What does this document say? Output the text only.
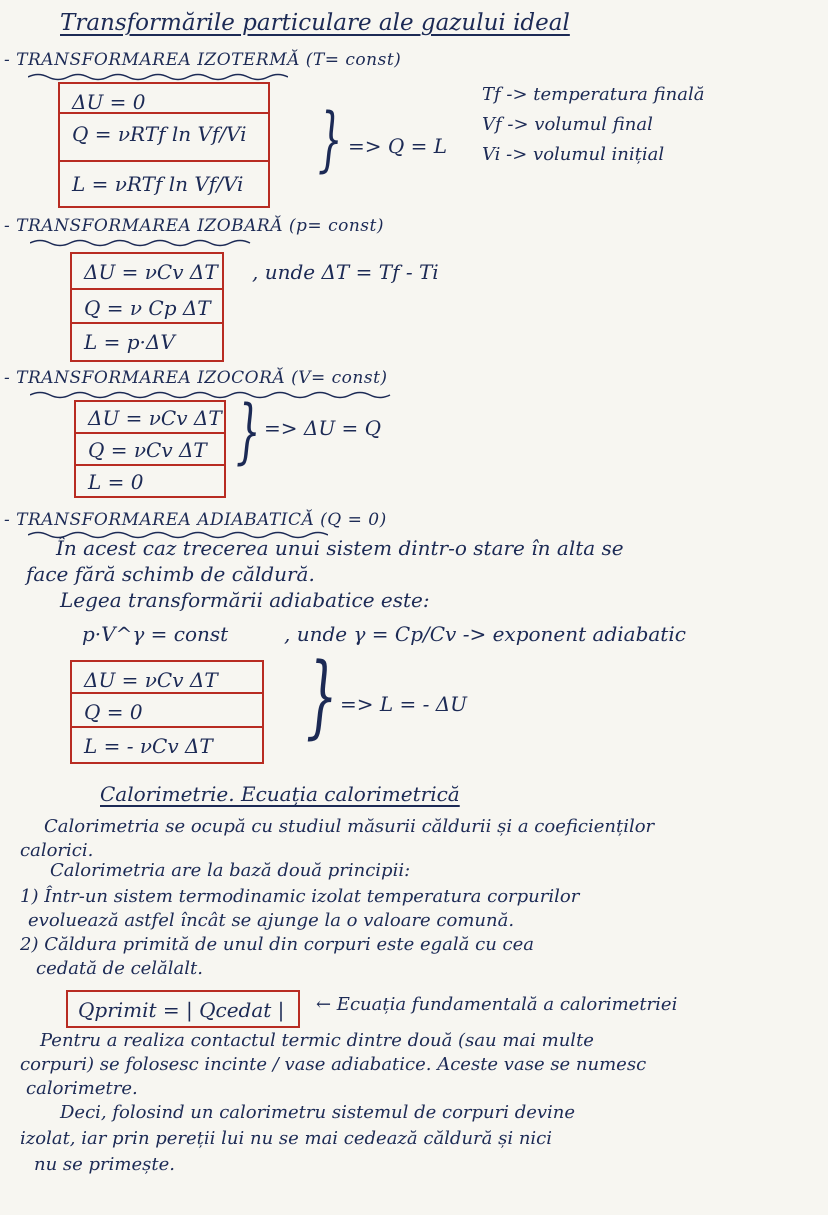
Transformările particulare ale gazului ideal
- TRANSFORMAREA IZOTERMĂ (T= const)
ΔU = 0
Q = νRTf ln Vf/Vi
L = νRTf ln Vf/Vi
} => Q = L
Tf -> temperatura finală
Vf -> volumul final
Vi -> volumul inițial
- TRANSFORMAREA IZOBARĂ (p= const)
ΔU = νCv ΔT
Q = ν Cp ΔT
L = p·ΔV
, unde ΔT = Tf - Ti
- TRANSFORMAREA IZOCORĂ (V= const)
ΔU = νCv ΔT
Q = νCv ΔT
L = 0
} => ΔU = Q
- TRANSFORMAREA ADIABATICĂ (Q = 0)
În acest caz trecerea unui sistem dintr-o stare în alta se
face fără schimb de căldură.
Legea transformării adiabatice este:
p·V^γ = const	, unde γ = Cp/Cv -> exponent adiabatic
ΔU = νCv ΔT
Q = 0
L = - νCv ΔT } => L = - ΔU
Calorimetrie. Ecuația calorimetrică
Calorimetria se ocupă cu studiul măsurii căldurii și a coeficienților
calorici.
Calorimetria are la bază două principii:
1) Într-un sistem termodinamic izolat temperatura corpurilor
evoluează astfel încât se ajunge la o valoare comună.
2) Căldura primită de unul din corpuri este egală cu cea
cedată de celălalt.
Qprimit = | Qcedat | ← Ecuația fundamentală a calorimetriei
Pentru a realiza contactul termic dintre două (sau mai multe
corpuri) se folosesc incinte / vase adiabatice. Aceste vase se numesc
calorimetre.
Deci, folosind un calorimetru sistemul de corpuri devine
izolat, iar prin pereții lui nu se mai cedează căldură și nici
nu se primește.
